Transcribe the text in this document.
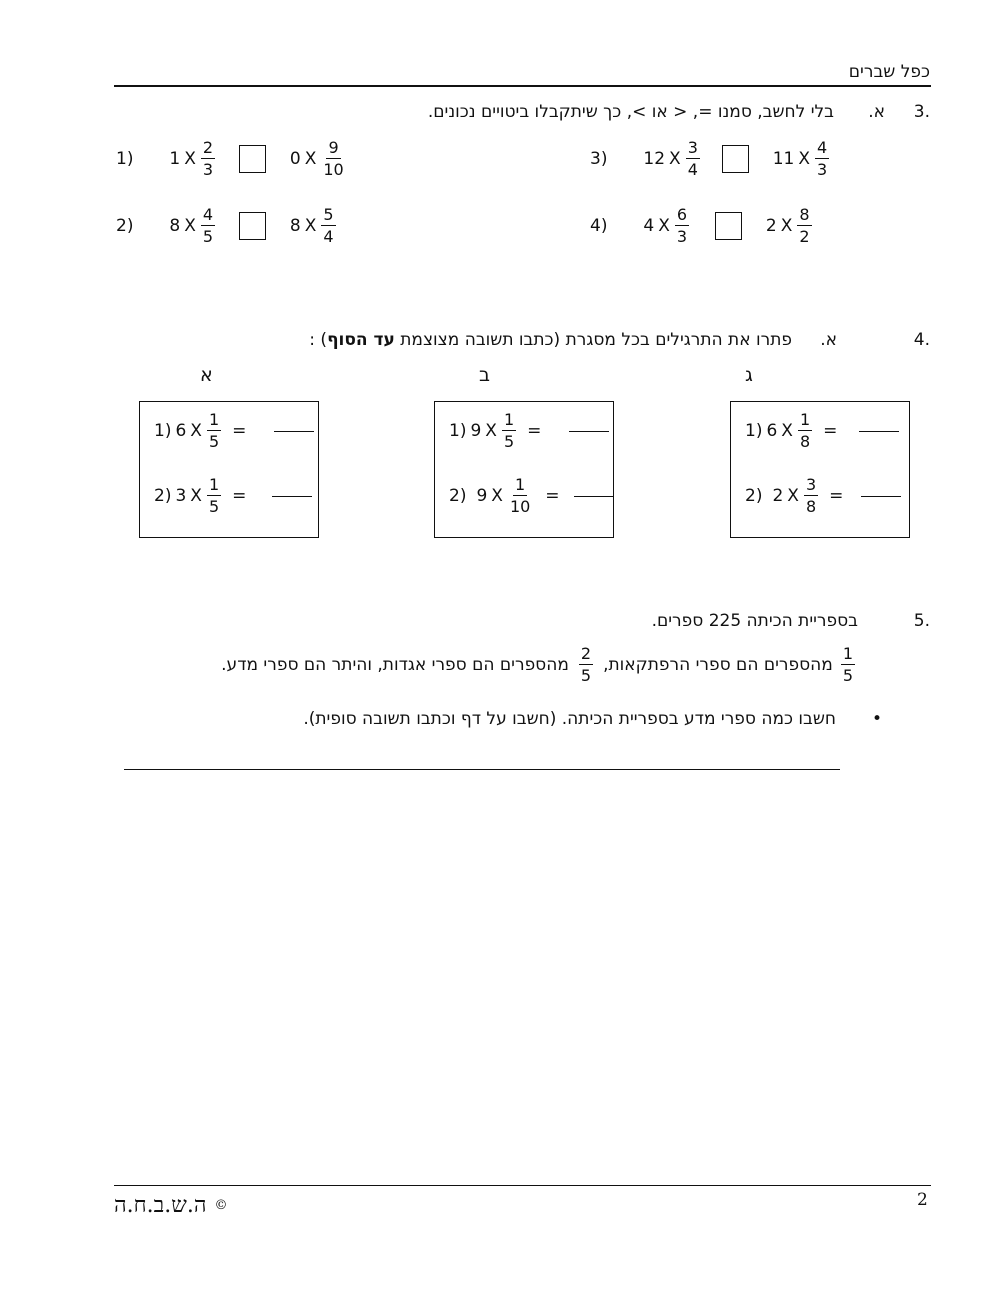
כפל שברים
3.
א.
בלי לחשב, סמנו =, < או >, כך שיתקבלו ביטויים נכונים.
1) 1 X $\frac{2}{3}$
	0 X $\frac{9}{10}$
2) 8 X $\frac{4}{5}$
	8 X $\frac{5}{4}$
3) 12 X $\frac{3}{4}$
	11 X $\frac{4}{3}$
4) 4 X $\frac{6}{3}$
	2 X $\frac{8}{2}$
4.
א.
פתרו את התרגילים בכל מסגרת (כתבו תשובה מצוצמת עד הסוף) :
א	ב	ג
1) 6 X $\frac{1}{5}$ =
2) 3 X $\frac{1}{5}$ =
1) 9 X $\frac{1}{5}$ =
2) 9 X $\frac{1}{10}$ =
1) 6 X $\frac{1}{8}$ =
2) 2 X $\frac{3}{8}$ =
5.
בספריית הכיתה 225 ספרים.
$\frac{1}{5}$
מהספרים הם ספרי הרפתקאות,
$\frac{2}{5}$
מהספרים הם ספרי אגדות, והיתר הם ספרי מדע.
•
חשבו כמה ספרי מדע בספריית הכיתה. (חשבו על דף וכתבו תשובה סופית).
2
ה.ש.ב.ח.ה ©
